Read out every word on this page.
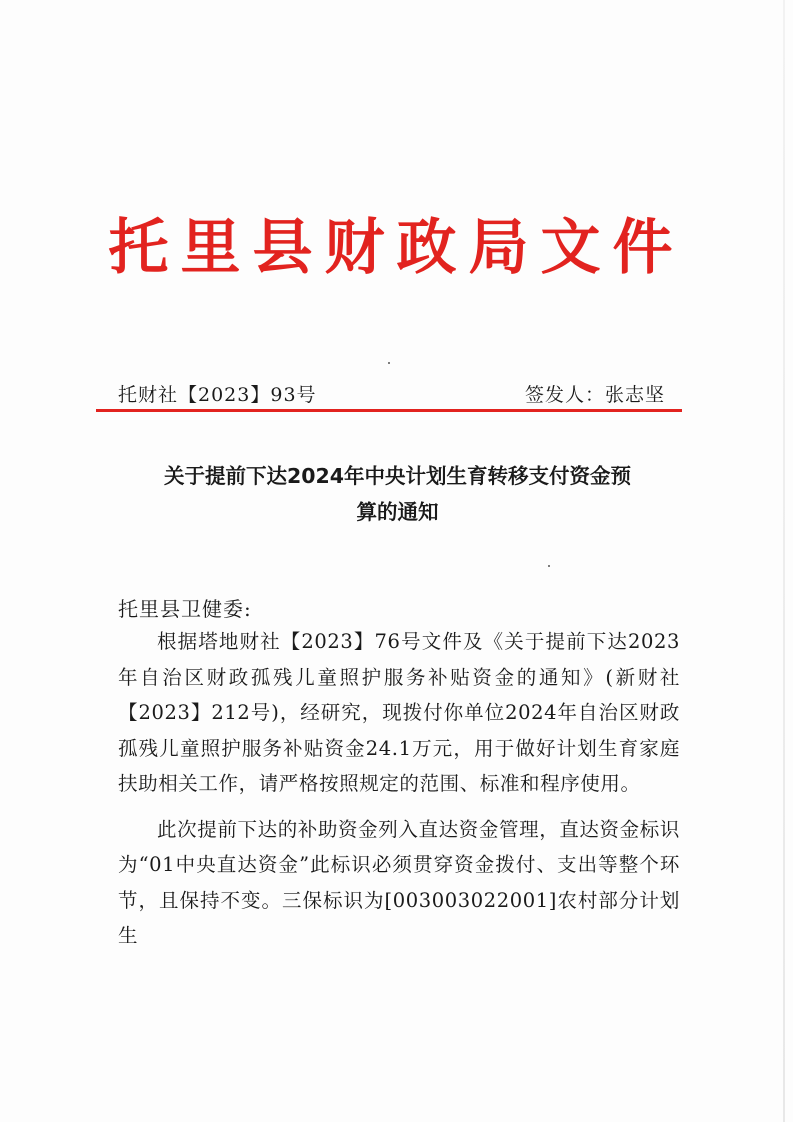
托里县财政局文件
托财社【2023】93号	签发人：张志坚
关于提前下达2024年中央计划生育转移支付资金预
算的通知
托里县卫健委:

根据塔地财社【2023】76号文件及《关于提前下达2023年自治区财政孤残儿童照护服务补贴资金的通知》(新财社【2023】212号)，经研究，现拨付你单位2024年自治区财政孤残儿童照护服务补贴资金24.1万元，用于做好计划生育家庭扶助相关工作，请严格按照规定的范围、标准和程序使用。

此次提前下达的补助资金列入直达资金管理，直达资金标识为“01中央直达资金”此标识必须贯穿资金拨付、支出等整个环节，且保持不变。三保标识为[003003022001]农村部分计划生
